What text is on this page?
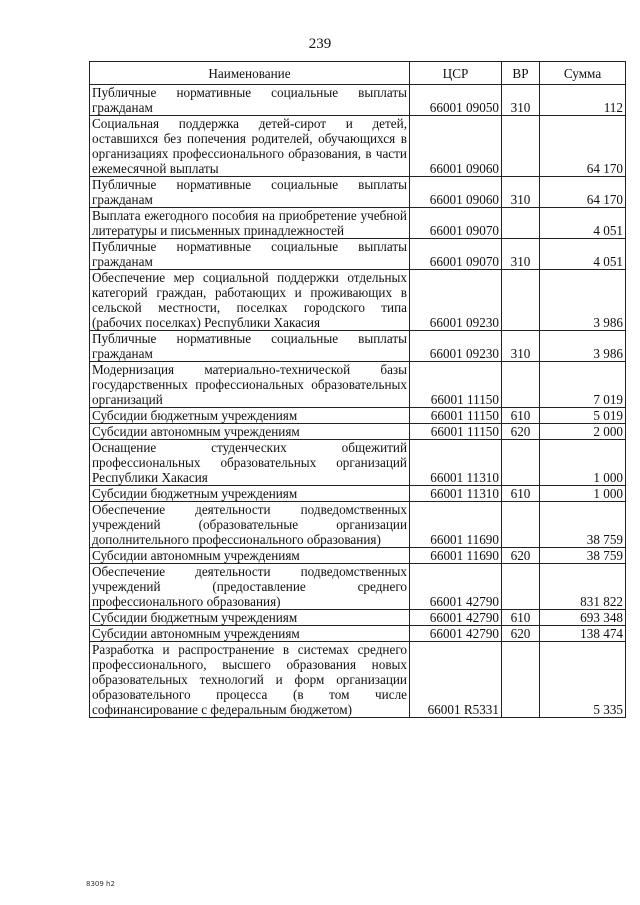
239
Наименование	ЦСР	ВР	Сумма
Публичные нормативные социальные выплаты гражданам	66001 09050	310	112
Социальная поддержка детей-сирот и детей, оставшихся без попечения родителей, обучающихся в организациях профессионального образования, в части ежемесячной выплаты	66001 09060		64 170
Публичные нормативные социальные выплаты гражданам	66001 09060	310	64 170
Выплата ежегодного пособия на приобретение учебной литературы и письменных принадлежностей	66001 09070		4 051
Публичные нормативные социальные выплаты гражданам	66001 09070	310	4 051
Обеспечение мер социальной поддержки отдельных категорий граждан, работающих и проживающих в сельской местности, поселках городского типа (рабочих поселках) Республики Хакасия	66001 09230		3 986
Публичные нормативные социальные выплаты гражданам	66001 09230	310	3 986
Модернизация материально-технической базы государственных профессиональных образовательных организаций	66001 11150		7 019
Субсидии бюджетным учреждениям	66001 11150	610	5 019
Субсидии автономным учреждениям	66001 11150	620	2 000
Оснащение студенческих общежитий профессиональных образовательных организаций Республики Хакасия	66001 11310		1 000
Субсидии бюджетным учреждениям	66001 11310	610	1 000
Обеспечение деятельности подведомственных учреждений (образовательные организации дополнительного профессионального образования)	66001 11690		38 759
Субсидии автономным учреждениям	66001 11690	620	38 759
Обеспечение деятельности подведомственных учреждений (предоставление среднего профессионального образования)	66001 42790		831 822
Субсидии бюджетным учреждениям	66001 42790	610	693 348
Субсидии автономным учреждениям	66001 42790	620	138 474
Разработка и распространение в системах среднего профессионального, высшего образования новых образовательных технологий и форм организации образовательного процесса (в том числе софинансирование с федеральным бюджетом)	66001 R5331		5 335
8309 h2
